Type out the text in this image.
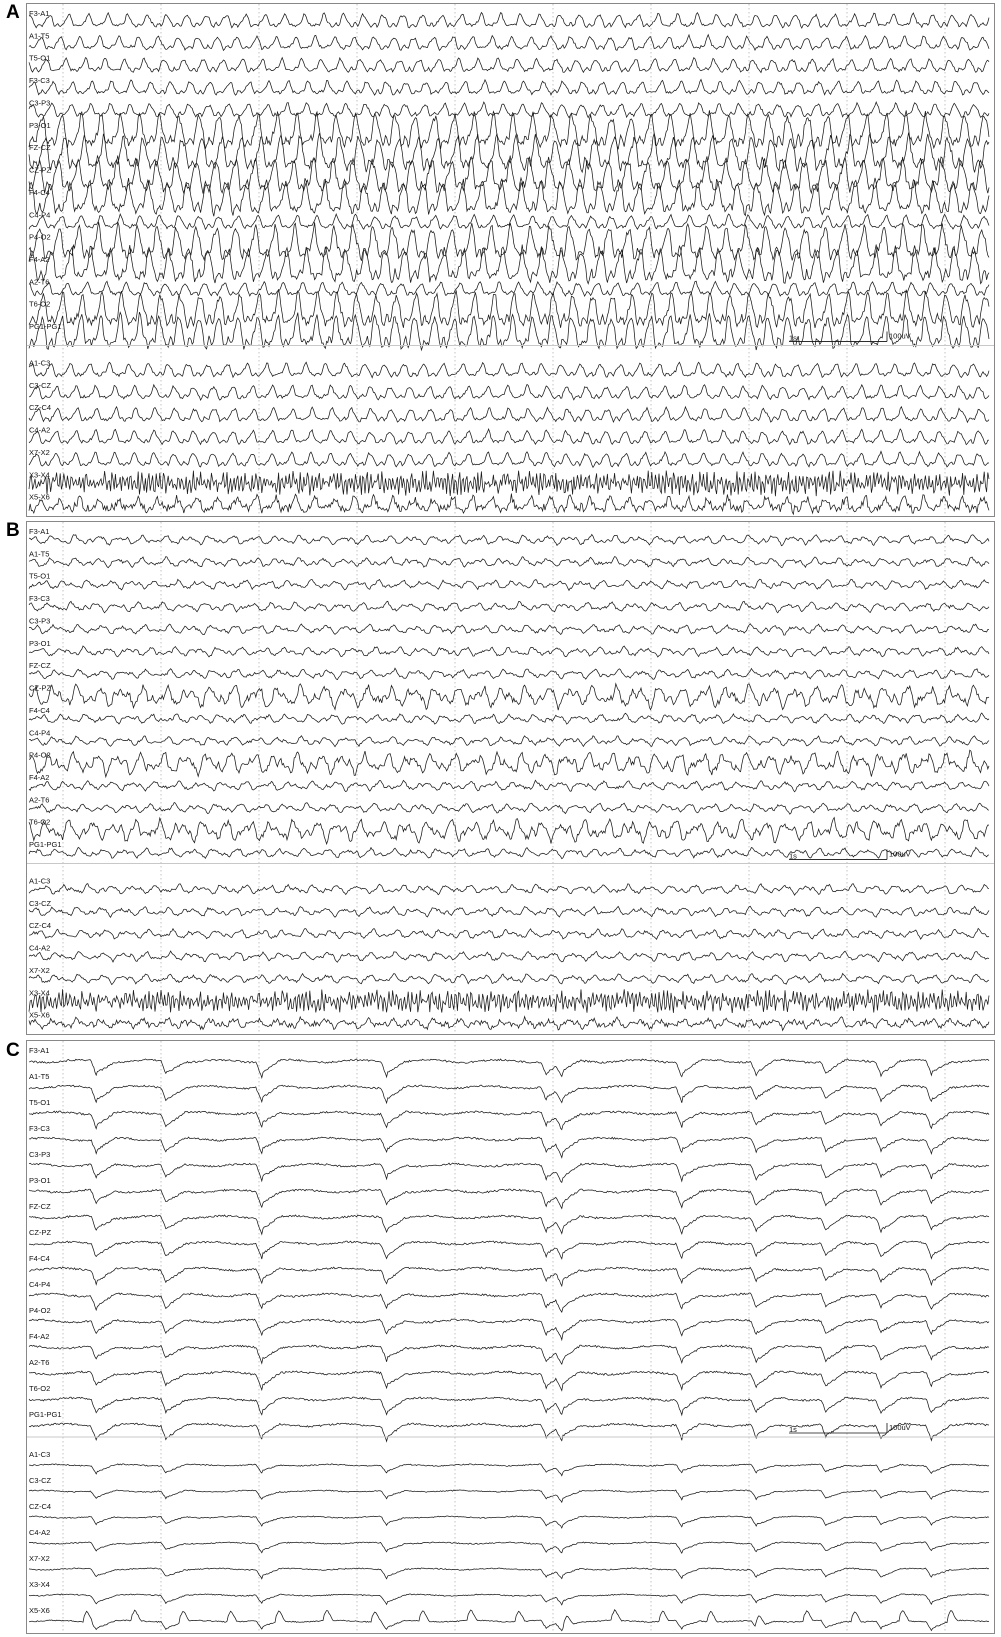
A F3-A1
A1-T5
T5-O1
F3-C3
C3-P3
P3-O1
FZ-CZ
CZ-PZ
F4-C4
C4-P4
P4-O2
F4-A2
A2-T6
T6-O2
PG1-PG1
1s	100uV
A1-C3
C3-CZ
CZ-C4
C4-A2
X7-X2
X3-X4
X5-X6
B F3-A1
A1-T5
T5-O1
F3-C3
C3-P3
P3-O1
FZ-CZ
CZ-PZ
F4-C4
C4-P4
P4-O2
F4-A2
A2-T6
T6-O2
PG1-PG1
1s	100uV
A1-C3
C3-CZ
CZ-C4
C4-A2
X7-X2
X3-X4
X5-X6
C F3-A1
A1-T5
T5-O1
F3-C3
C3-P3
P3-O1
FZ-CZ
CZ-PZ
F4-C4
C4-P4
P4-O2
F4-A2
A2-T6
T6-O2
PG1-PG1
1s	100uV
A1-C3
C3-CZ
CZ-C4
C4-A2
X7-X2
X3-X4
X5-X6
